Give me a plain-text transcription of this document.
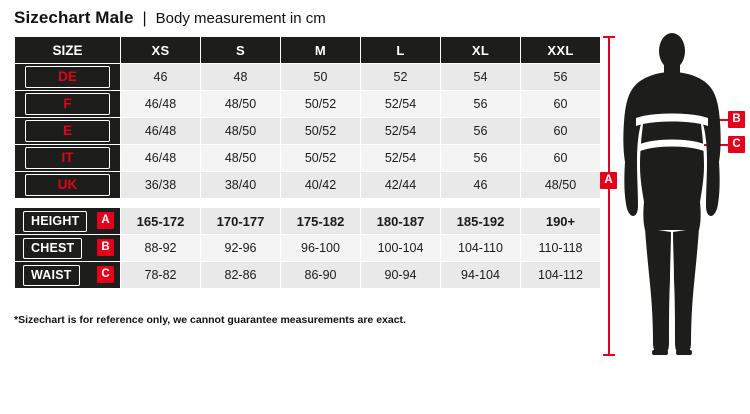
Sizechart Male | Body measurement in cm
SIZE	XS	S	M	L	XL	XXL

DE	46	48	50	52	54	56

F	46/48	48/50	50/52	52/54	56	60

E	46/48	48/50	50/52	52/54	56	60

IT	46/48	48/50	50/52	52/54	56	60

UK	36/38	38/40	40/42	42/44	46	48/50

HEIGHT A	165-172	170-177	175-182	180-187	185-192	190+

CHEST B	88-92	92-96	96-100	100-104	104-110	110-118

WAIST C	78-82	82-86	86-90	90-94	94-104	104-112
*Sizechart is for reference only, we cannot guarantee measurements are exact.
A
B
C
